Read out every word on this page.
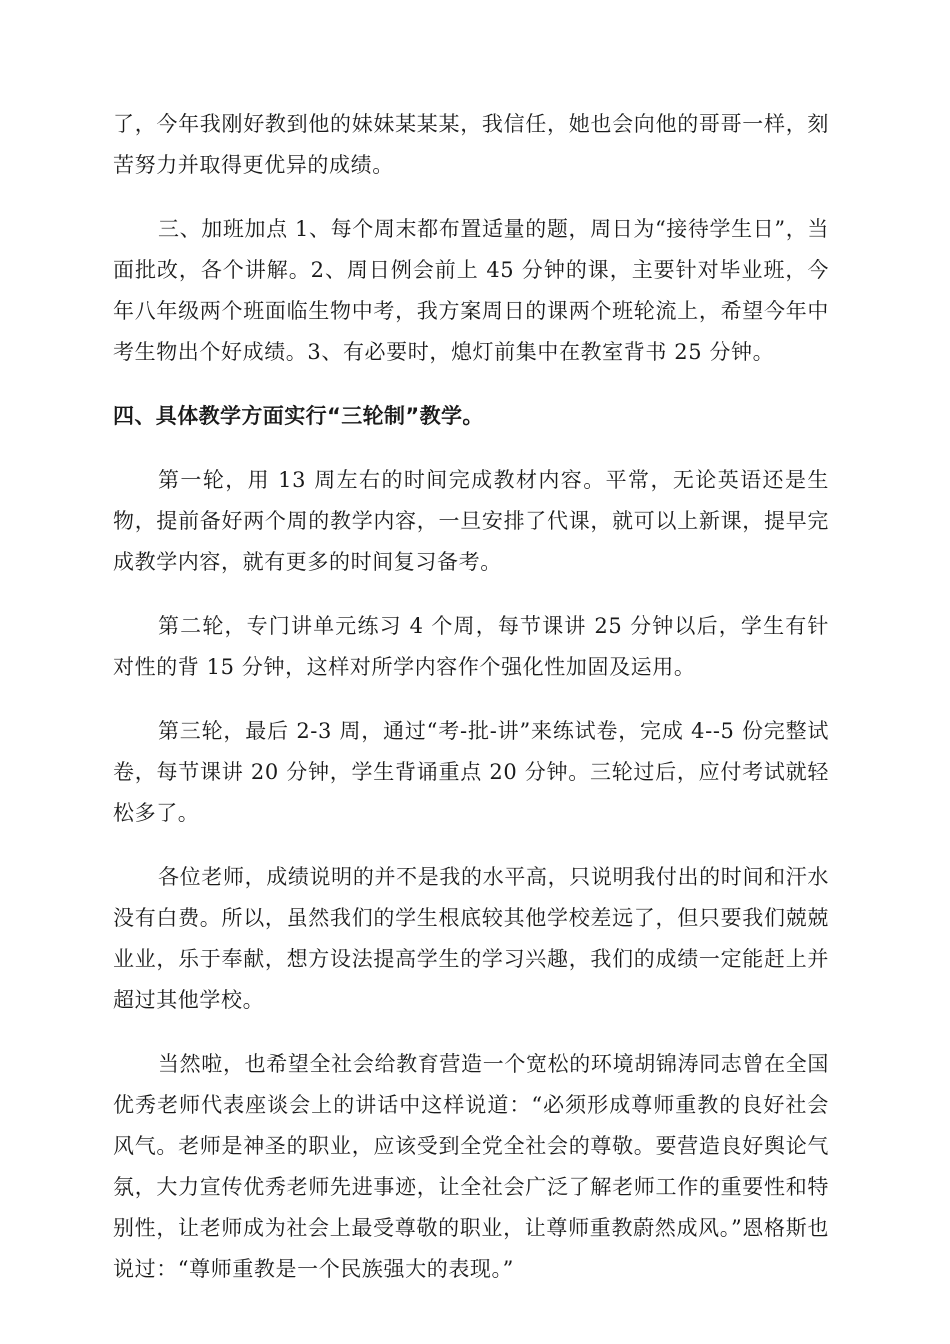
了，今年我刚好教到他的妹妹某某某，我信任，她也会向他的哥哥一样，刻苦努力并取得更优异的成绩。

三、加班加点 1、每个周末都布置适量的题，周日为“接待学生日”，当面批改，各个讲解。2、周日例会前上 45 分钟的课，主要针对毕业班，今年八年级两个班面临生物中考，我方案周日的课两个班轮流上，希望今年中考生物出个好成绩。3、有必要时，熄灯前集中在教室背书 25 分钟。

四、具体教学方面实行“三轮制”教学。

第一轮，用 13 周左右的时间完成教材内容。平常，无论英语还是生物，提前备好两个周的教学内容，一旦安排了代课，就可以上新课，提早完成教学内容，就有更多的时间复习备考。

第二轮，专门讲单元练习 4 个周，每节课讲 25 分钟以后，学生有针对性的背 15 分钟，这样对所学内容作个强化性加固及运用。

第三轮，最后 2-3 周，通过“考-批-讲”来练试卷，完成 4--5 份完整试卷，每节课讲 20 分钟，学生背诵重点 20 分钟。三轮过后，应付考试就轻松多了。

各位老师，成绩说明的并不是我的水平高，只说明我付出的时间和汗水没有白费。所以，虽然我们的学生根底较其他学校差远了，但只要我们兢兢业业，乐于奉献，想方设法提高学生的学习兴趣，我们的成绩一定能赶上并超过其他学校。

当然啦，也希望全社会给教育营造一个宽松的环境胡锦涛同志曾在全国优秀老师代表座谈会上的讲话中这样说道：“必须形成尊师重教的良好社会风气。老师是神圣的职业，应该受到全党全社会的尊敬。要营造良好舆论气氛，大力宣传优秀老师先进事迹，让全社会广泛了解老师工作的重要性和特别性，让老师成为社会上最受尊敬的职业，让尊师重教蔚然成风。”恩格斯也说过：“尊师重教是一个民族强大的表现。”
